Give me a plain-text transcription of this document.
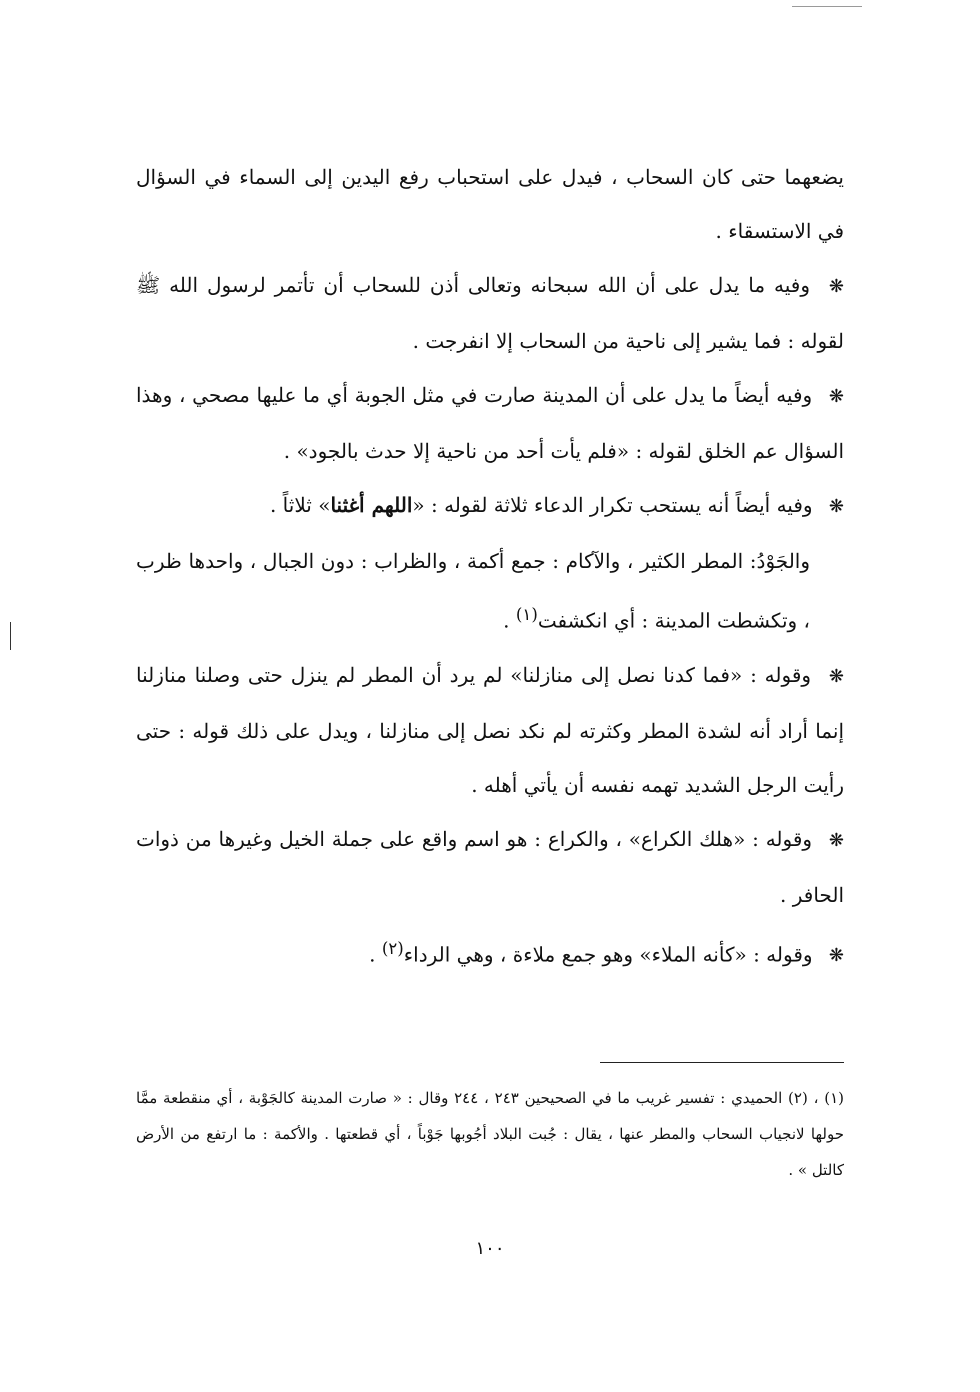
يضعهما حتى كان السحاب ، فيدل على استحباب رفع اليدين إلى السماء في السؤال في الاستسقاء .

❋ وفيه ما يدل على أن الله سبحانه وتعالى أذن للسحاب أن تأتمر لرسول الله ﷺ لقوله : فما يشير إلى ناحية من السحاب إلا انفرجت .

❋ وفيه أيضاً ما يدل على أن المدينة صارت في مثل الجوبة أي ما عليها مصحي ، وهذا السؤال عم الخلق لقوله : «فلم يأت أحد من ناحية إلا حدث بالجود» .

❋ وفيه أيضاً أنه يستحب تكرار الدعاء ثلاثة لقوله : «اللهم أغثنا» ثلاثاً .

والجَوْدُ: المطر الكثير ، والآكام : جمع أكمة ، والظراب : دون الجبال ، واحدها ظرب ، وتكشطت المدينة : أي انكشفت$^{(١)}$ .

❋ وقوله : «فما كدنا نصل إلى منازلنا» لم يرد أن المطر لم ينزل حتى وصلنا منازلنا إنما أراد أنه لشدة المطر وكثرته لم نكد نصل إلى منازلنا ، ويدل على ذلك قوله : حتى رأيت الرجل الشديد تهمه نفسه أن يأتي أهله .

❋ وقوله : «هلك الكراع» ، والكراع : هو اسم واقع على جملة الخيل وغيرها من ذوات الحافر .

❋ وقوله : «كأنه الملاء» وهو جمع ملاءة ، وهي الرداء$^{(٢)}$ .

(١) ، (٢) الحميدي : تفسير غريب ما في الصحيحين ٢٤٣ ، ٢٤٤ وقال : « صارت المدينة كالجَوْبة ، أي منقطعة ممَّا حولها لانجياب السحاب والمطر عنها ، يقال : جُبت البلاد أجُوبها جَوْباً ، أي قطعتها . والأكمة : ما ارتفع من الأرض كالتل » .

١٠٠
